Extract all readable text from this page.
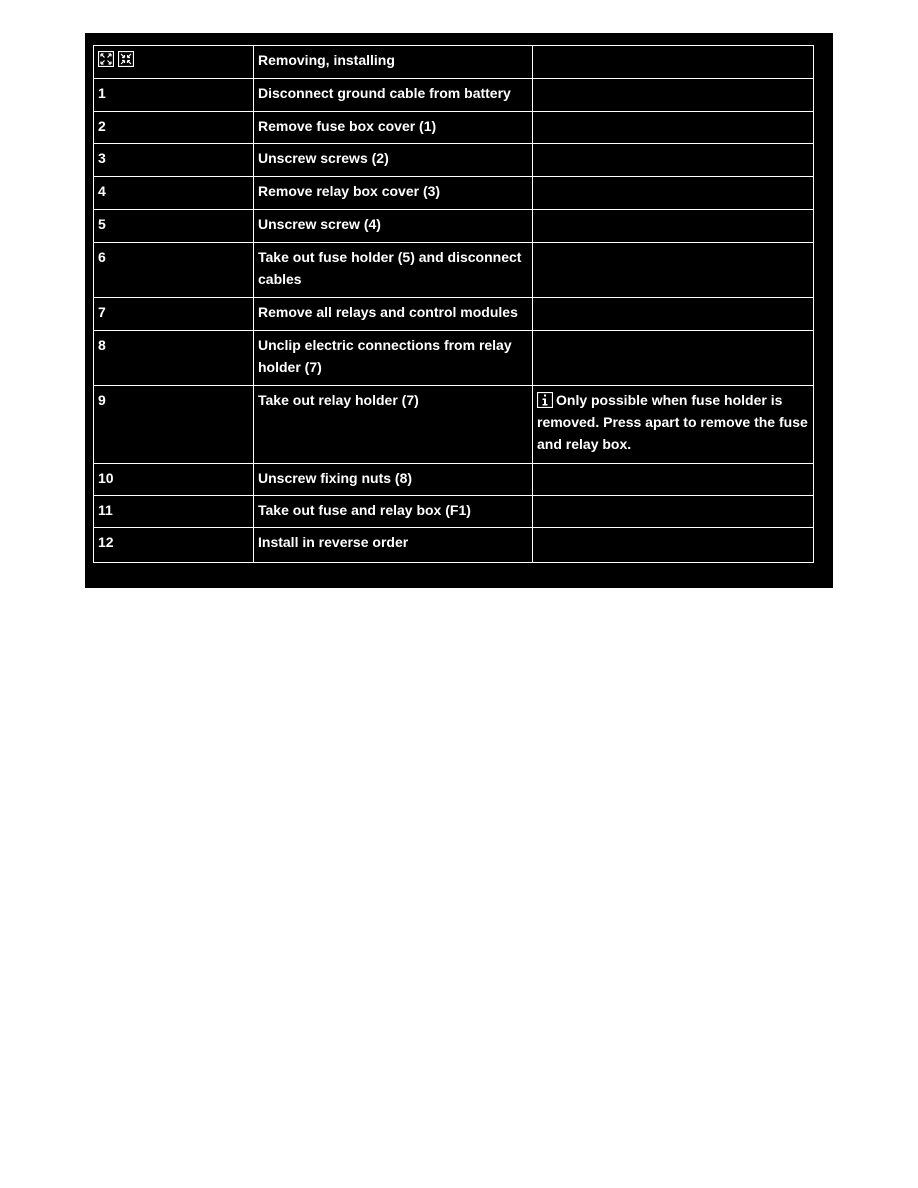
	Removing, installing	
1	Disconnect ground cable from battery	
2	Remove fuse box cover (1)	
3	Unscrew screws (2)	
4	Remove relay box cover (3)	
5	Unscrew screw (4)	
6	Take out fuse holder (5) and disconnect cables	
7	Remove all relays and control modules	
8	Unclip electric connections from relay holder (7)	
9	Take out relay holder (7)	Only possible when fuse holder is removed. Press apart to remove the fuse and relay box.
10	Unscrew fixing nuts (8)	
11	Take out fuse and relay box (F1)	
12	Install in reverse order	
